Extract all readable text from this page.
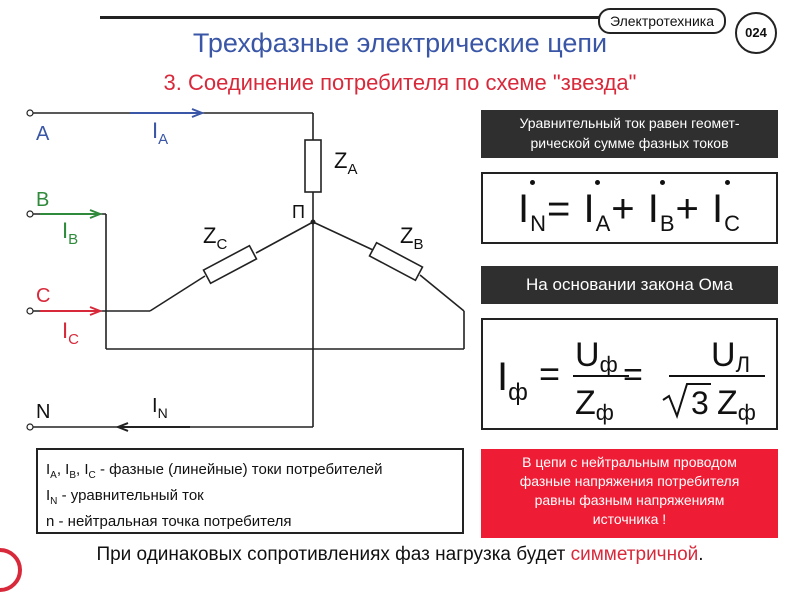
Электротехника
024
Трехфазные электрические цепи
3. Соединение потребителя по схеме "звезда"
A	$I_A$
B
$I_B$
C
$I_C$
N	$I_N$
$Z_A$
П
$Z_C$	$Z_B$
Уравнительный ток равен геомет-
рической сумме фазных токов
$I_N= I_A+ I_B+ I_C$
На основании закона Ома
$I_ф$ = Uф
Zф
=
UЛ
3 Zф
$I_A$, $I_B$, $I_C$ - фазные (линейные) токи потребителей
$I_N$ - уравнительный ток
n - нейтральная точка потребителя
В цепи с нейтральным проводом
фазные напряжения потребителя
равны фазным напряжениям
источника !
При одинаковых сопротивлениях фаз нагрузка будет симметричной.
